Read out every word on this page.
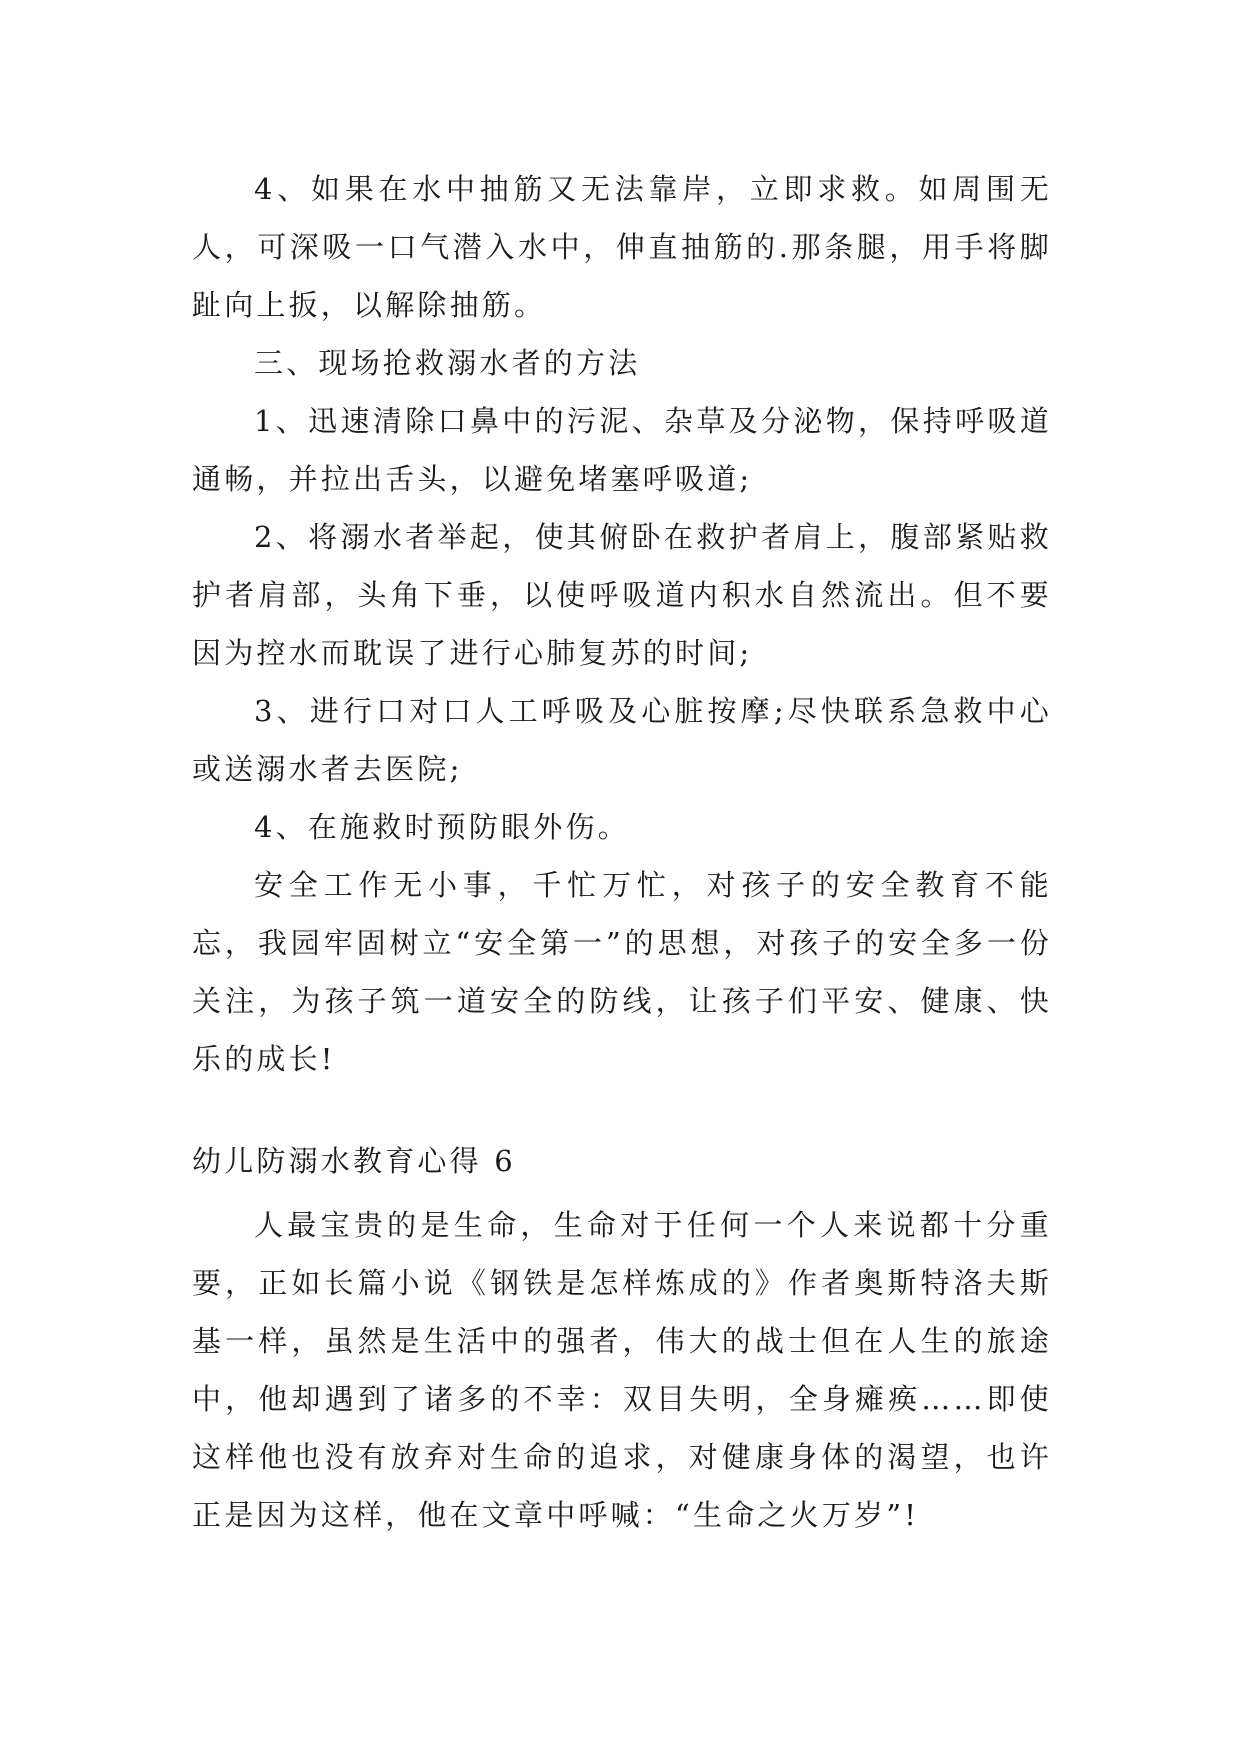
4、如果在水中抽筋又无法靠岸，立即求救。如周围无人，可深吸一口气潜入水中，伸直抽筋的.那条腿，用手将脚趾向上扳，以解除抽筋。

三、现场抢救溺水者的方法

1、迅速清除口鼻中的污泥、杂草及分泌物，保持呼吸道通畅，并拉出舌头，以避免堵塞呼吸道;

2、将溺水者举起，使其俯卧在救护者肩上，腹部紧贴救护者肩部，头角下垂，以使呼吸道内积水自然流出。但不要因为控水而耽误了进行心肺复苏的时间;

3、进行口对口人工呼吸及心脏按摩;尽快联系急救中心或送溺水者去医院;

4、在施救时预防眼外伤。

安全工作无小事，千忙万忙，对孩子的安全教育不能忘，我园牢固树立“安全第一”的思想，对孩子的安全多一份关注，为孩子筑一道安全的防线，让孩子们平安、健康、快乐的成长!

幼儿防溺水教育心得 6

人最宝贵的是生命，生命对于任何一个人来说都十分重要，正如长篇小说《钢铁是怎样炼成的》作者奥斯特洛夫斯基一样，虽然是生活中的强者，伟大的战士但在人生的旅途中，他却遇到了诸多的不幸：双目失明，全身瘫痪……即使这样他也没有放弃对生命的追求，对健康身体的渴望，也许正是因为这样，他在文章中呼喊：“生命之火万岁”!
